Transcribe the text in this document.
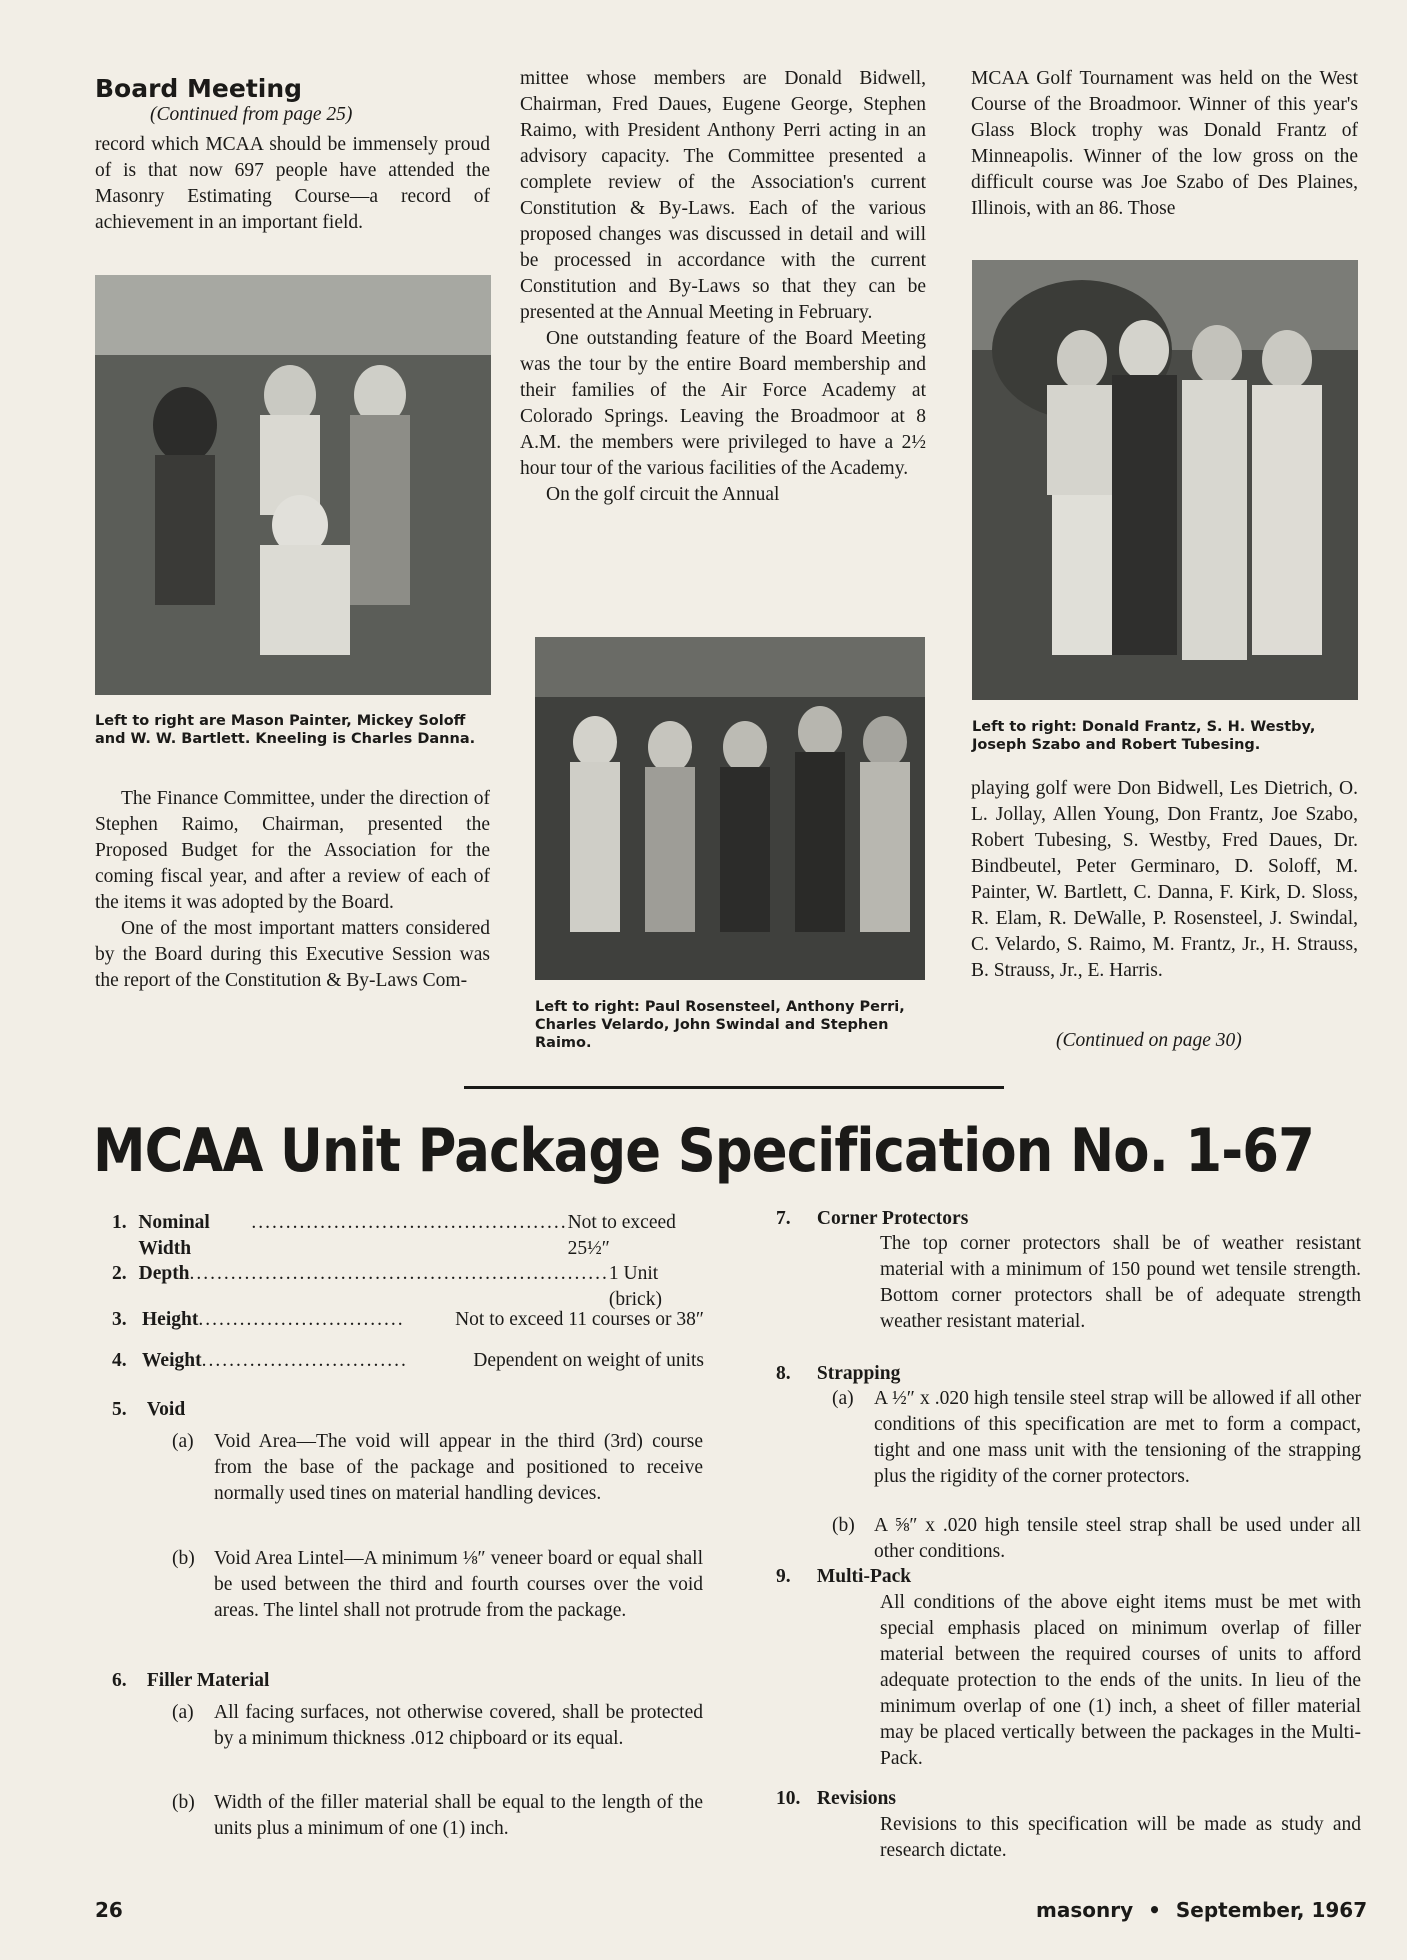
Board Meeting
(Continued from page 25)

record which MCAA should be immensely proud of is that now 697 people have attended the Masonry Estimating Course—a record of achievement in an important field.

Left to right are Mason Painter, Mickey Soloff and W. W. Bartlett. Kneeling is Charles Danna.

The Finance Committee, under the direction of Stephen Raimo, Chairman, presented the Proposed Budget for the Association for the coming fiscal year, and after a review of each of the items it was adopted by the Board.

One of the most important matters considered by the Board during this Executive Session was the report of the Constitution & By-Laws Com-

mittee whose members are Donald Bidwell, Chairman, Fred Daues, Eugene George, Stephen Raimo, with President Anthony Perri acting in an advisory capacity. The Committee presented a complete review of the Association's current Constitution & By-Laws. Each of the various proposed changes was discussed in detail and will be processed in accordance with the current Constitution and By-Laws so that they can be presented at the Annual Meeting in February.

One outstanding feature of the Board Meeting was the tour by the entire Board membership and their families of the Air Force Academy at Colorado Springs. Leaving the Broadmoor at 8 A.M. the members were privileged to have a 2½ hour tour of the various facilities of the Academy.

On the golf circuit the Annual

Left to right: Paul Rosensteel, Anthony Perri, Charles Velardo, John Swindal and Stephen Raimo.

MCAA Golf Tournament was held on the West Course of the Broadmoor. Winner of this year's Glass Block trophy was Donald Frantz of Minneapolis. Winner of the low gross on the difficult course was Joe Szabo of Des Plaines, Illinois, with an 86. Those

Left to right: Donald Frantz, S. H. Westby, Joseph Szabo and Robert Tubesing.

playing golf were Don Bidwell, Les Dietrich, O. L. Jollay, Allen Young, Don Frantz, Joe Szabo, Robert Tubesing, S. Westby, Fred Daues, Dr. Bindbeutel, Peter Germinaro, D. Soloff, M. Painter, W. Bartlett, C. Danna, F. Kirk, D. Sloss, R. Elam, R. DeWalle, P. Rosensteel, J. Swindal, C. Velardo, S. Raimo, M. Frantz, Jr., H. Strauss, B. Strauss, Jr., E. Harris.

(Continued on page 30)
MCAA Unit Package Specification No. 1-67
1. Nominal Width
.............................................. Not to exceed 25½″
2. Depth ............................................................. 1 Unit (brick)
3. Height ..............................	Not to exceed 11 courses or 38″
4. Weight ..............................	Dependent on weight of units
5. Void
(a) Void Area—The void will appear in the third (3rd) course from the base of the package and positioned to receive normally used tines on material handling devices.
(b) Void Area Lintel—A minimum ⅛″ veneer board or equal shall be used between the third and fourth courses over the void areas. The lintel shall not protrude from the package.
6. Filler Material
(a) All facing surfaces, not otherwise covered, shall be protected by a minimum thickness .012 chipboard or its equal.
(b) Width of the filler material shall be equal to the length of the units plus a minimum of one (1) inch.
7. Corner Protectors
The top corner protectors shall be of weather resistant material with a minimum of 150 pound wet tensile strength. Bottom corner protectors shall be of adequate strength weather resistant material.
8. Strapping
(a) A ½″ x .020 high tensile steel strap will be allowed if all other conditions of this specification are met to form a compact, tight and one mass unit with the tensioning of the strapping plus the rigidity of the corner protectors.
(b) A ⅝″ x .020 high tensile steel strap shall be used under all other conditions.
9. Multi-Pack
All conditions of the above eight items must be met with special emphasis placed on minimum overlap of filler material between the required courses of units to afford adequate protection to the ends of the units. In lieu of the minimum overlap of one (1) inch, a sheet of filler material may be placed vertically between the packages in the Multi-Pack.
10. Revisions
Revisions to this specification will be made as study and research dictate.
26	masonry • September, 1967
